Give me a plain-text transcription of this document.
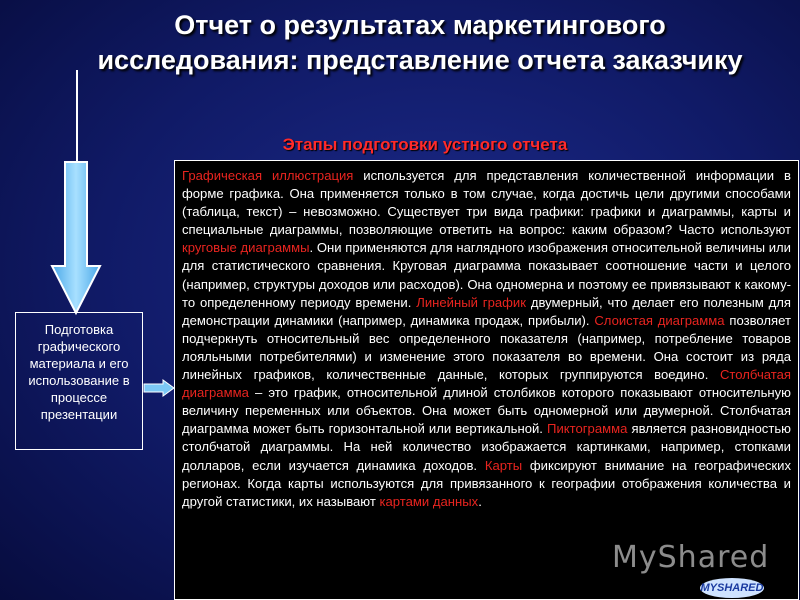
Отчет о результатах маркетингового исследования: представление отчета заказчику
Этапы подготовки устного отчета
Подготовка графического материала и его использование в процессе презентации

Графическая иллюстрация используется для представления количественной информации в форме графика. Она применяется только в том случае, когда достичь цели другими способами (таблица, текст) – невозможно. Существует три вида графики: графики и диаграммы, карты и специальные диаграммы, позволяющие ответить на вопрос: каким образом? Часто используют круговые диаграммы. Они применяются для наглядного изображения относительной величины или для статистического сравнения. Круговая диаграмма показывает соотношение части и целого (например, структуры доходов или расходов). Она одномерна и поэтому ее привязывают к какому-то определенному периоду времени. Линейный график двумерный, что делает его полезным для демонстрации динамики (например, динамика продаж, прибыли). Слоистая диаграмма позволяет подчеркнуть относительный вес определенного показателя (например, потребление товаров лояльными потребителями) и изменение этого показателя во времени. Она состоит из ряда линейных графиков, количественные данные, которых группируются воедино. Столбчатая диаграмма – это график, относительной длиной столбиков которого показывают относительную величину переменных или объектов. Она может быть одномерной или двумерной. Столбчатая диаграмма может быть горизонтальной или вертикальной. Пиктограмма является разновидностью столбчатой диаграммы. На ней количество изображается картинками, например, стопками долларов, если изучается динамика доходов. Карты фиксируют внимание на географических регионах. Когда карты используются для привязанного к географии отображения количества и другой статистики, их называют картами данных.

MyShared
MYSHARED
